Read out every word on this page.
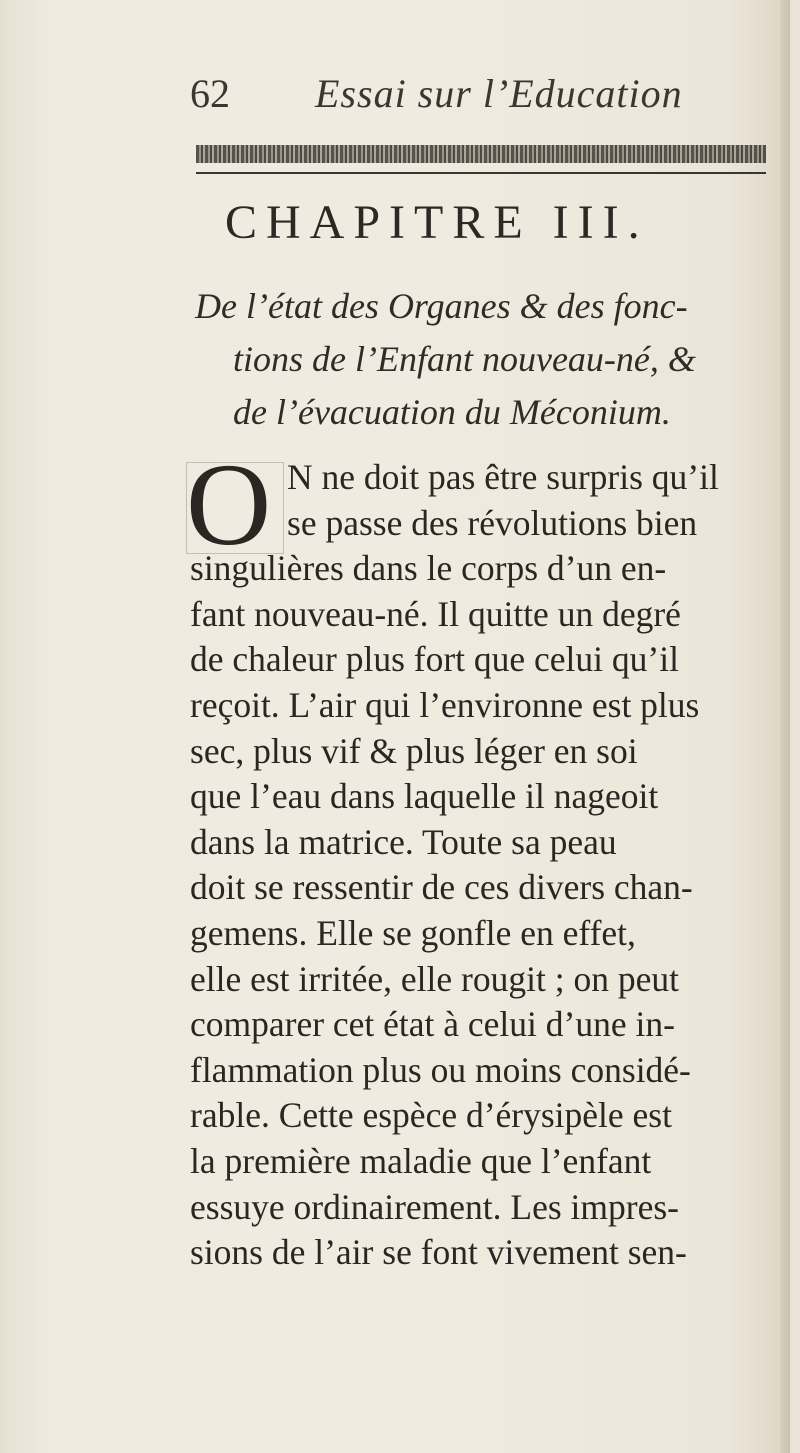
62 Essai sur l’Education
CHAPITRE III.
De l’état des Organes & des fonc-
tions de l’Enfant nouveau-né, &
de l’évacuation du Méconium.
O N ne doit pas être surpris qu’il
se passe des révolutions bien
singulières dans le corps d’un en-
fant nouveau-né. Il quitte un degré
de chaleur plus fort que celui qu’il
reçoit. L’air qui l’environne est plus
sec, plus vif & plus léger en soi
que l’eau dans laquelle il nageoit
dans la matrice. Toute sa peau
doit se ressentir de ces divers chan-
gemens. Elle se gonfle en effet,
elle est irritée, elle rougit ; on peut
comparer cet état à celui d’une in-
flammation plus ou moins considé-
rable. Cette espèce d’érysipèle est
la première maladie que l’enfant
essuye ordinairement. Les impres-
sions de l’air se font vivement sen-
